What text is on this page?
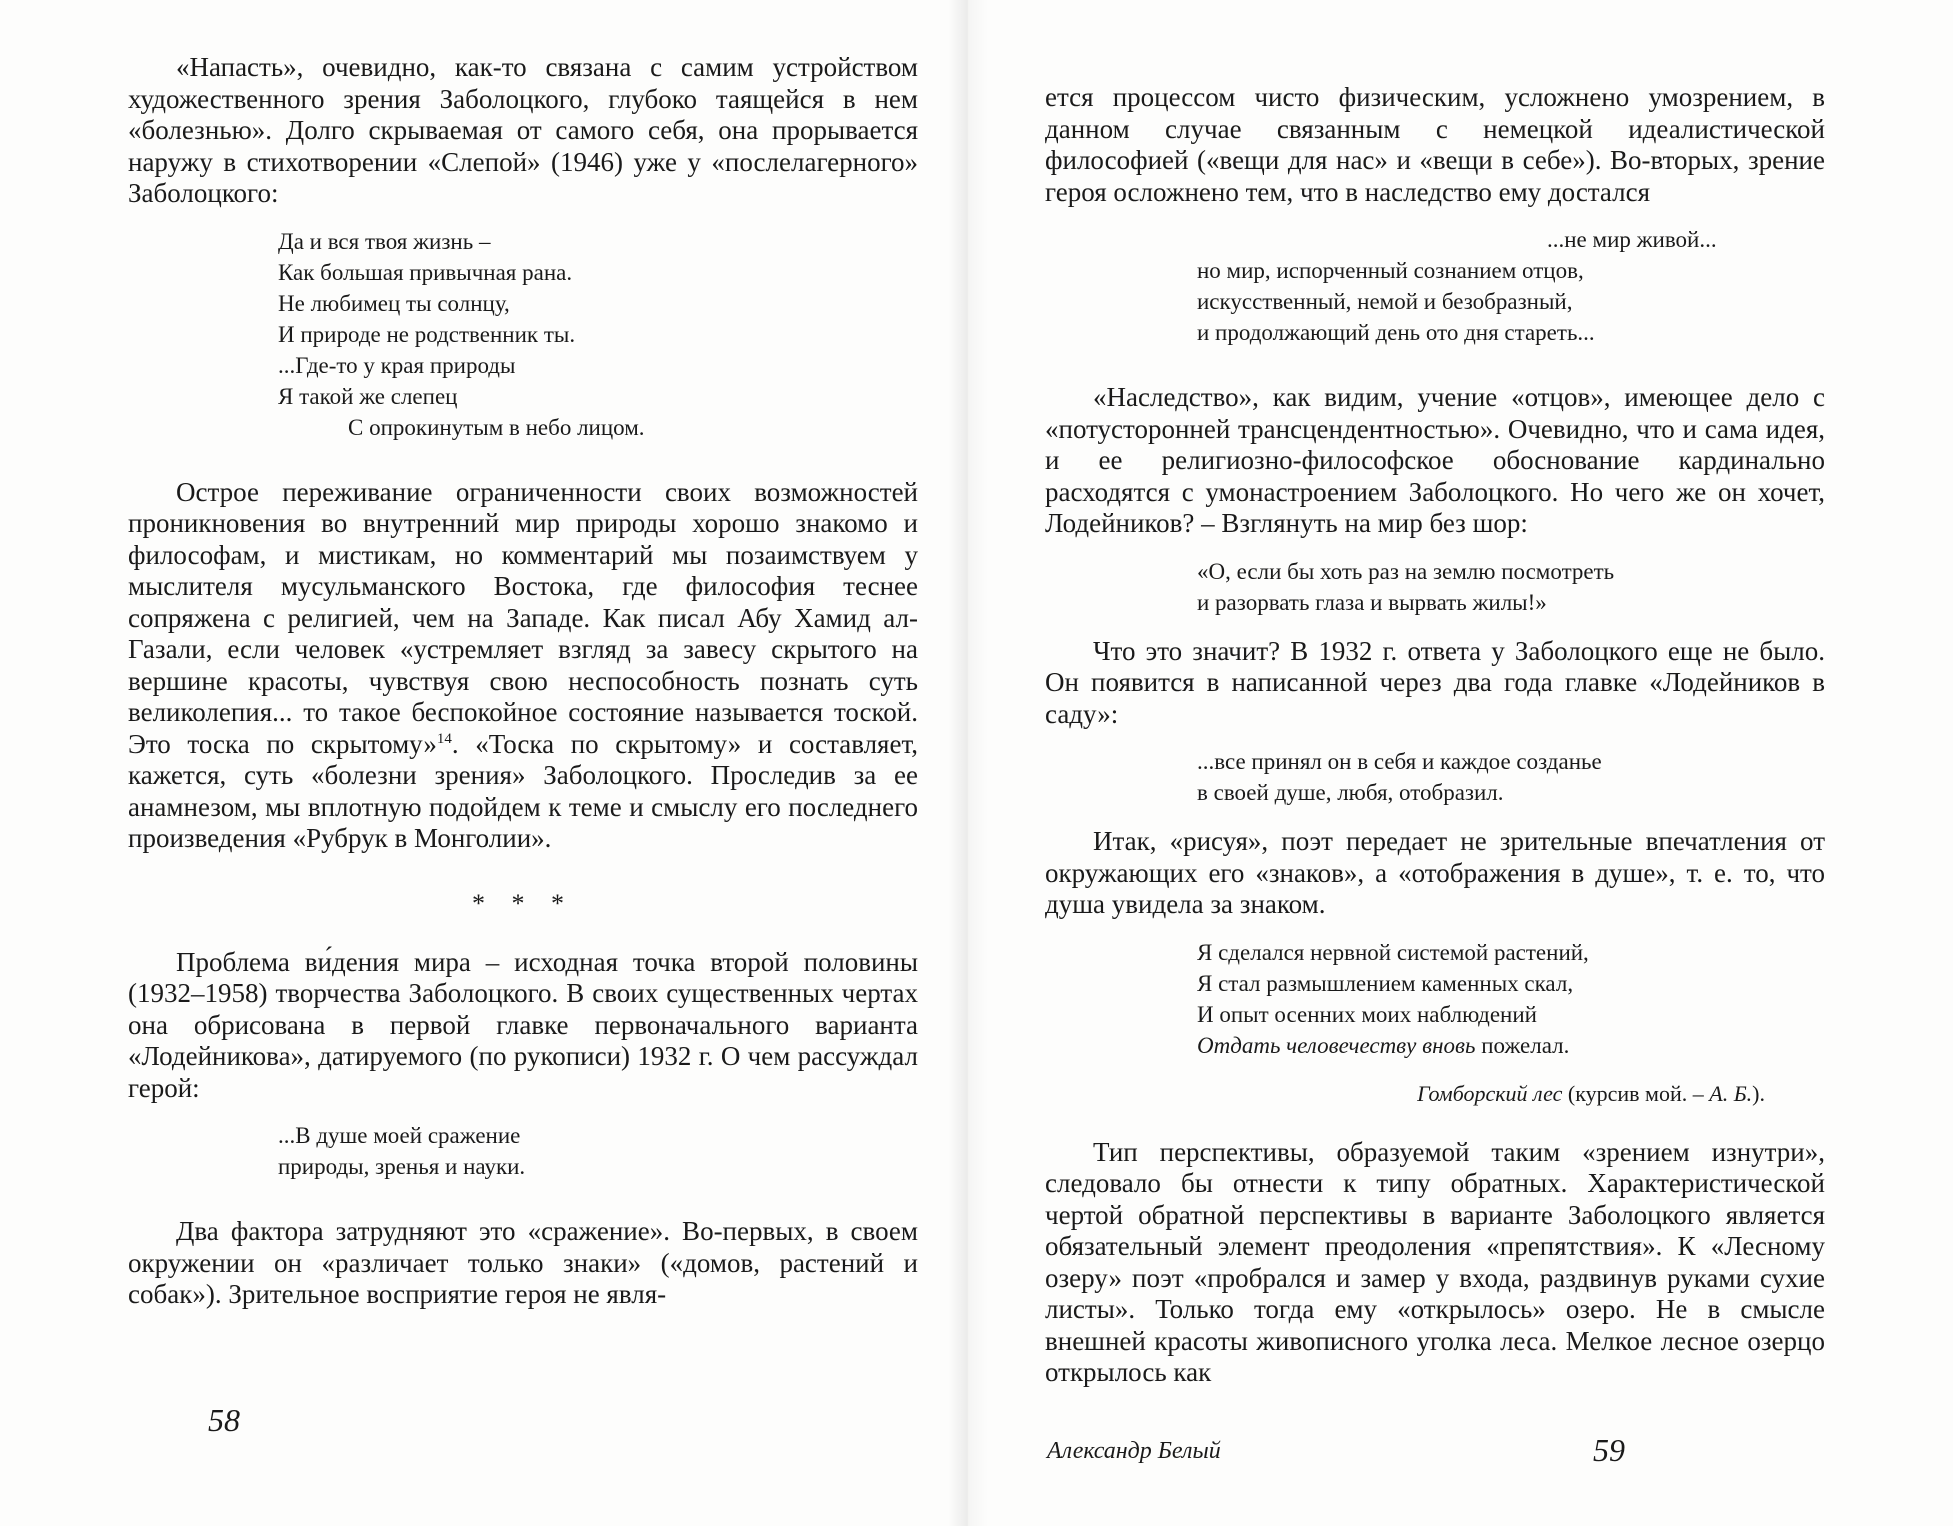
«Напасть», очевидно, как-то связана с самим устройством художественного зрения Заболоцкого, глубоко таящейся в нем «болезнью». Долго скрываемая от самого себя, она прорывается наружу в стихотворении «Слепой» (1946) уже у «послелагерного» Заболоцкого:

Да и вся твоя жизнь –
Как большая привычная рана.
Не любимец ты солнцу,
И природе не родственник ты.
...Где-то у края природы
Я такой же слепец
С опрокинутым в небо лицом.

Острое переживание ограниченности своих возможностей проникновения во внутренний мир природы хорошо знакомо и философам, и мистикам, но комментарий мы позаимствуем у мыслителя мусульманского Востока, где философия теснее сопряжена с религией, чем на Западе. Как писал Абу Хамид ал-Газали, если человек «устремляет взгляд за завесу скрытого на вершине красоты, чувствуя свою неспособность познать суть великолепия... то такое беспокойное состояние называется тоской. Это тоска по скрытому»$^{14}$. «Тоска по скрытому» и составляет, кажется, суть «болезни зрения» Заболоцкого. Проследив за ее анамнезом, мы вплотную подойдем к теме и смыслу его последнего произведения «Рубрук в Монголии».

* * *

Проблема ви́дения мира – исходная точка второй половины (1932–1958) творчества Заболоцкого. В своих существенных чертах она обрисована в первой главке первоначального варианта «Лодейникова», датируемого (по рукописи) 1932 г. О чем рассуждал герой:

...В душе моей сражение
природы, зренья и науки.

Два фактора затрудняют это «сражение». Во-первых, в своем окружении он «различает только знаки» («домов, растений и собак»). Зрительное восприятие героя не явля-

58

ется процессом чисто физическим, усложнено умозрением, в данном случае связанным с немецкой идеалистической философией («вещи для нас» и «вещи в себе»). Во-вторых, зрение героя осложнено тем, что в наследство ему достался

...не мир живой...
но мир, испорченный сознанием отцов,
искусственный, немой и безобразный,
и продолжающий день ото дня стареть...

«Наследство», как видим, учение «отцов», имеющее дело с «потусторонней трансцендентностью». Очевидно, что и сама идея, и ее религиозно-философское обоснование кардинально расходятся с умонастроением Заболоцкого. Но чего же он хочет, Лодейников? – Взглянуть на мир без шор:

«О, если бы хоть раз на землю посмотреть
и разорвать глаза и вырвать жилы!»

Что это значит? В 1932 г. ответа у Заболоцкого еще не было. Он появится в написанной через два года главке «Лодейников в саду»:

...все принял он в себя и каждое созданье
в своей душе, любя, отобразил.

Итак, «рисуя», поэт передает не зрительные впечатления от окружающих его «знаков», а «отображения в душе», т. е. то, что душа увидела за знаком.

Я сделался нервной системой растений,
Я стал размышлением каменных скал,
И опыт осенних моих наблюдений
Отдать человечеству вновь пожелал.
Гомборский лес (курсив мой. – А. Б.).

Тип перспективы, образуемой таким «зрением изнутри», следовало бы отнести к типу обратных. Характеристической чертой обратной перспективы в варианте Заболоцкого является обязательный элемент преодоления «препятствия». К «Лесному озеру» поэт «пробрался и замер у входа, раздвинув руками сухие листы». Только тогда ему «открылось» озеро. Не в смысле внешней красоты живописного уголка леса. Мелкое лесное озерцо открылось как

Александр Белый	59
